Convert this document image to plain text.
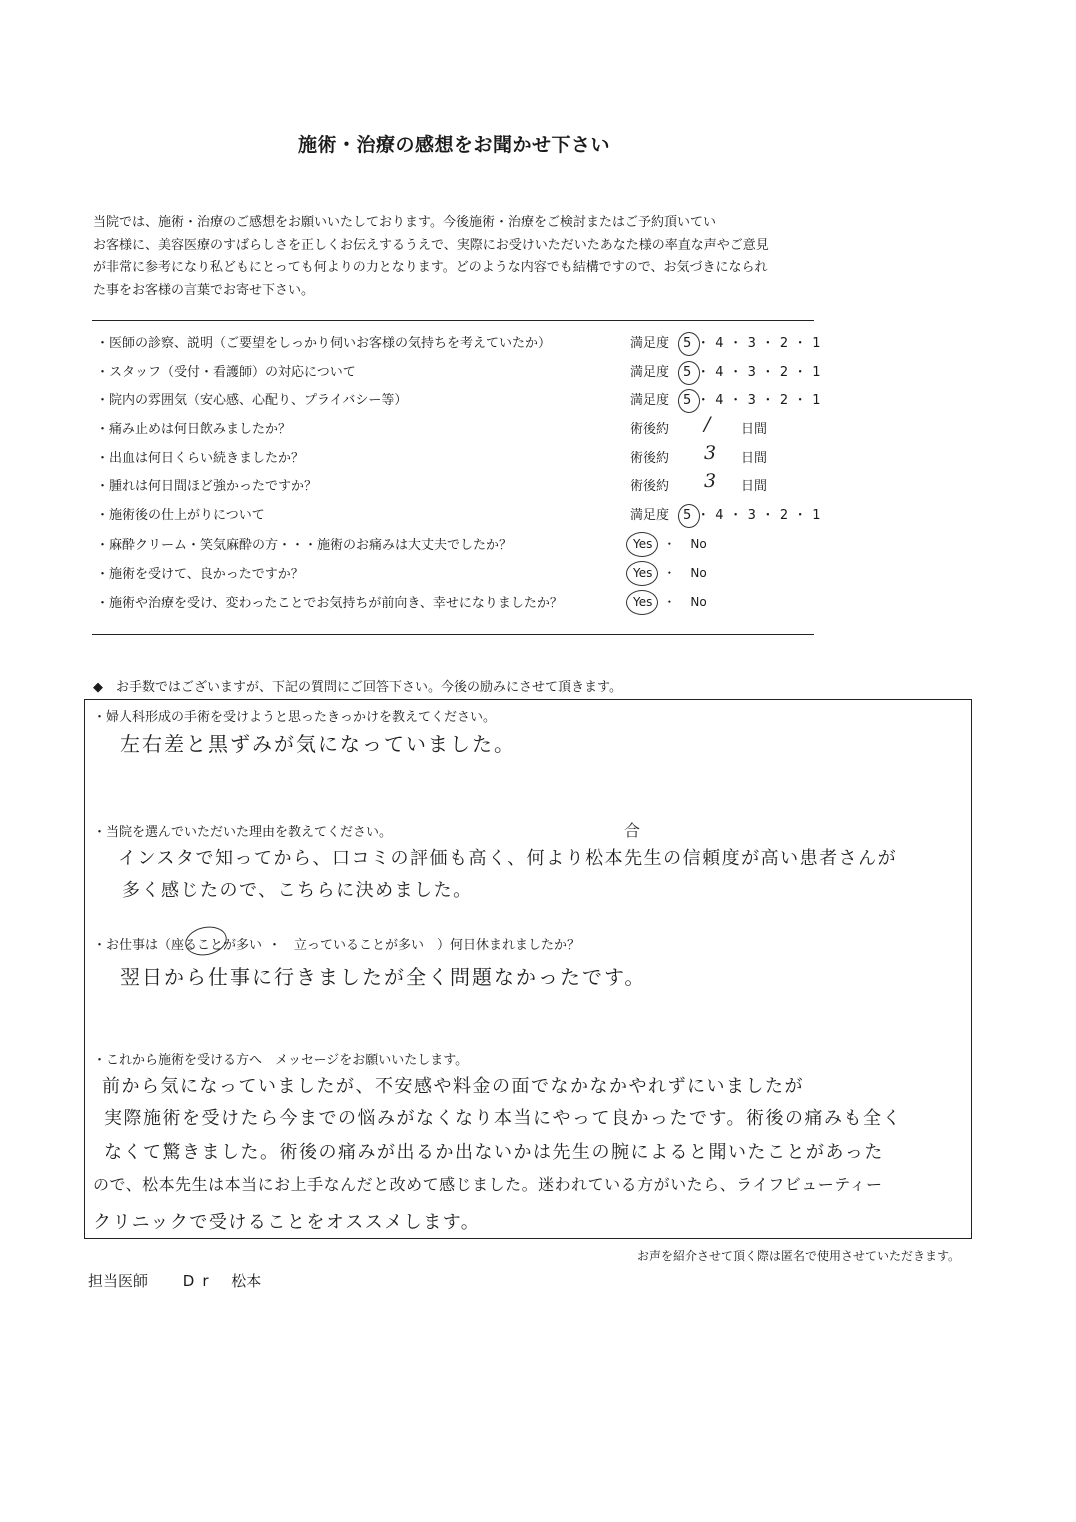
施術・治療の感想をお聞かせ下さい
当院では、施術・治療のご感想をお願いいたしております。今後施術・治療をご検討またはご予約頂いてい
お客様に、美容医療のすばらしさを正しくお伝えするうえで、実際にお受けいただいたあなた様の率直な声やご意見
が非常に参考になり私どもにとっても何よりの力となります。どのような内容でも結構ですので、お気づきになられ
た事をお客様の言葉でお寄せ下さい。
・医師の診察、説明（ご要望をしっかり伺いお客様の気持ちを考えていたか）	満足度 5 ・ 4 ・ 3 ・ 2 ・ 1
・スタッフ（受付・看護師）の対応について	満足度 5 ・ 4 ・ 3 ・ 2 ・ 1
・院内の雰囲気（安心感、心配り、プライバシー等）	満足度 5 ・ 4 ・ 3 ・ 2 ・ 1
・痛み止めは何日飲みましたか？	術後約 / 日間
・出血は何日くらい続きましたか？	術後約 3 日間
・腫れは何日間ほど強かったですか？	術後約 3 日間
・施術後の仕上がりについて	満足度 5 ・ 4 ・ 3 ・ 2 ・ 1
・麻酔クリーム・笑気麻酔の方・・・施術のお痛みは大丈夫でしたか？	Yes ・ No
・施術を受けて、良かったですか？	Yes ・ No
・施術や治療を受け、変わったことでお気持ちが前向き、幸せになりましたか？	Yes ・ No
◆　お手数ではございますが、下記の質問にご回答下さい。今後の励みにさせて頂きます。
・婦人科形成の手術を受けようと思ったきっかけを教えてください。
左右差と黒ずみが気になっていました。
・当院を選んでいただいた理由を教えてください。	合
インスタで知ってから、口コミの評価も高く、何より松本先生の信頼度が高い患者さんが
多く感じたので、こちらに決めました。
・お仕事は（座ることが多い ・　立っていることが多い　）何日休まれましたか？
翌日から仕事に行きましたが全く問題なかったです。
・これから施術を受ける方へ　メッセージをお願いいたします。
前から気になっていましたが、不安感や料金の面でなかなかやれずにいましたが
実際施術を受けたら今までの悩みがなくなり本当にやって良かったです。術後の痛みも全く
なくて驚きました。術後の痛みが出るか出ないかは先生の腕によると聞いたことがあった
ので、松本先生は本当にお上手なんだと改めて感じました。迷われている方がいたら、ライフビューティー
クリニックで受けることをオススメします。
お声を紹介させて頂く際は匿名で使用させていただきます。
担当医師 Dr 松本
